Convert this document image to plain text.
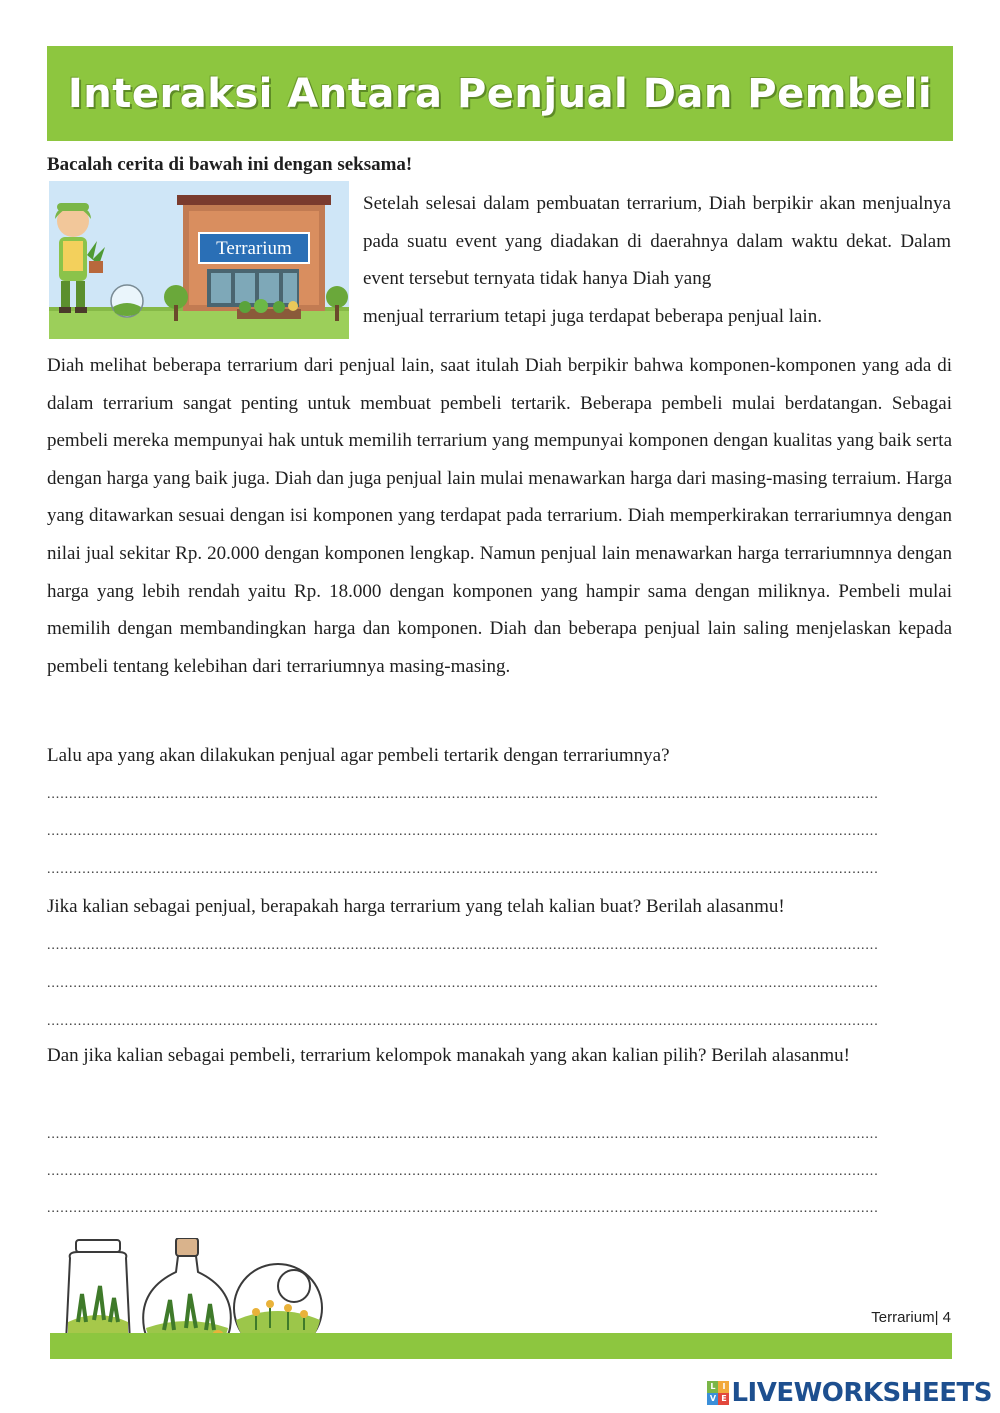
Interaksi Antara Penjual Dan Pembeli
Bacalah cerita di bawah ini dengan seksama!
Terrarium

Setelah selesai dalam pembuatan terrarium, Diah berpikir akan menjualnya pada suatu event yang diadakan di daerahnya dalam waktu dekat. Dalam event tersebut ternyata tidak hanya Diah yang

menjual terrarium tetapi juga terdapat beberapa penjual lain.

Diah melihat beberapa terrarium dari penjual lain, saat itulah Diah berpikir bahwa komponen-komponen yang ada di dalam terrarium sangat penting untuk membuat pembeli tertarik. Beberapa pembeli mulai berdatangan. Sebagai pembeli mereka mempunyai hak untuk memilih terrarium yang mempunyai komponen dengan kualitas yang baik serta dengan harga yang baik juga. Diah dan juga penjual lain mulai menawarkan harga dari masing-masing terraium. Harga yang ditawarkan sesuai dengan isi komponen yang terdapat pada terrarium. Diah memperkirakan terrariumnya dengan nilai jual sekitar Rp. 20.000 dengan komponen lengkap. Namun penjual lain menawarkan harga terrariumnnya dengan harga yang lebih rendah yaitu Rp. 18.000 dengan komponen yang hampir sama dengan miliknya. Pembeli mulai memilih dengan membandingkan harga dan komponen. Diah dan beberapa penjual lain saling menjelaskan kepada pembeli tentang kelebihan dari terrariumnya masing-masing.

Lalu apa yang akan dilakukan penjual agar pembeli tertarik dengan terrariumnya?
.............................................................................................................................................................................................
.............................................................................................................................................................................................
.............................................................................................................................................................................................
Jika kalian sebagai penjual, berapakah harga terrarium yang telah kalian buat? Berilah alasanmu!
.............................................................................................................................................................................................
.............................................................................................................................................................................................
.............................................................................................................................................................................................
Dan jika kalian sebagai pembeli, terrarium kelompok manakah yang akan kalian pilih? Berilah alasanmu!
.............................................................................................................................................................................................
.............................................................................................................................................................................................
.............................................................................................................................................................................................
Terrarium| 4
L I
V E LIVEWORKSHEETS
